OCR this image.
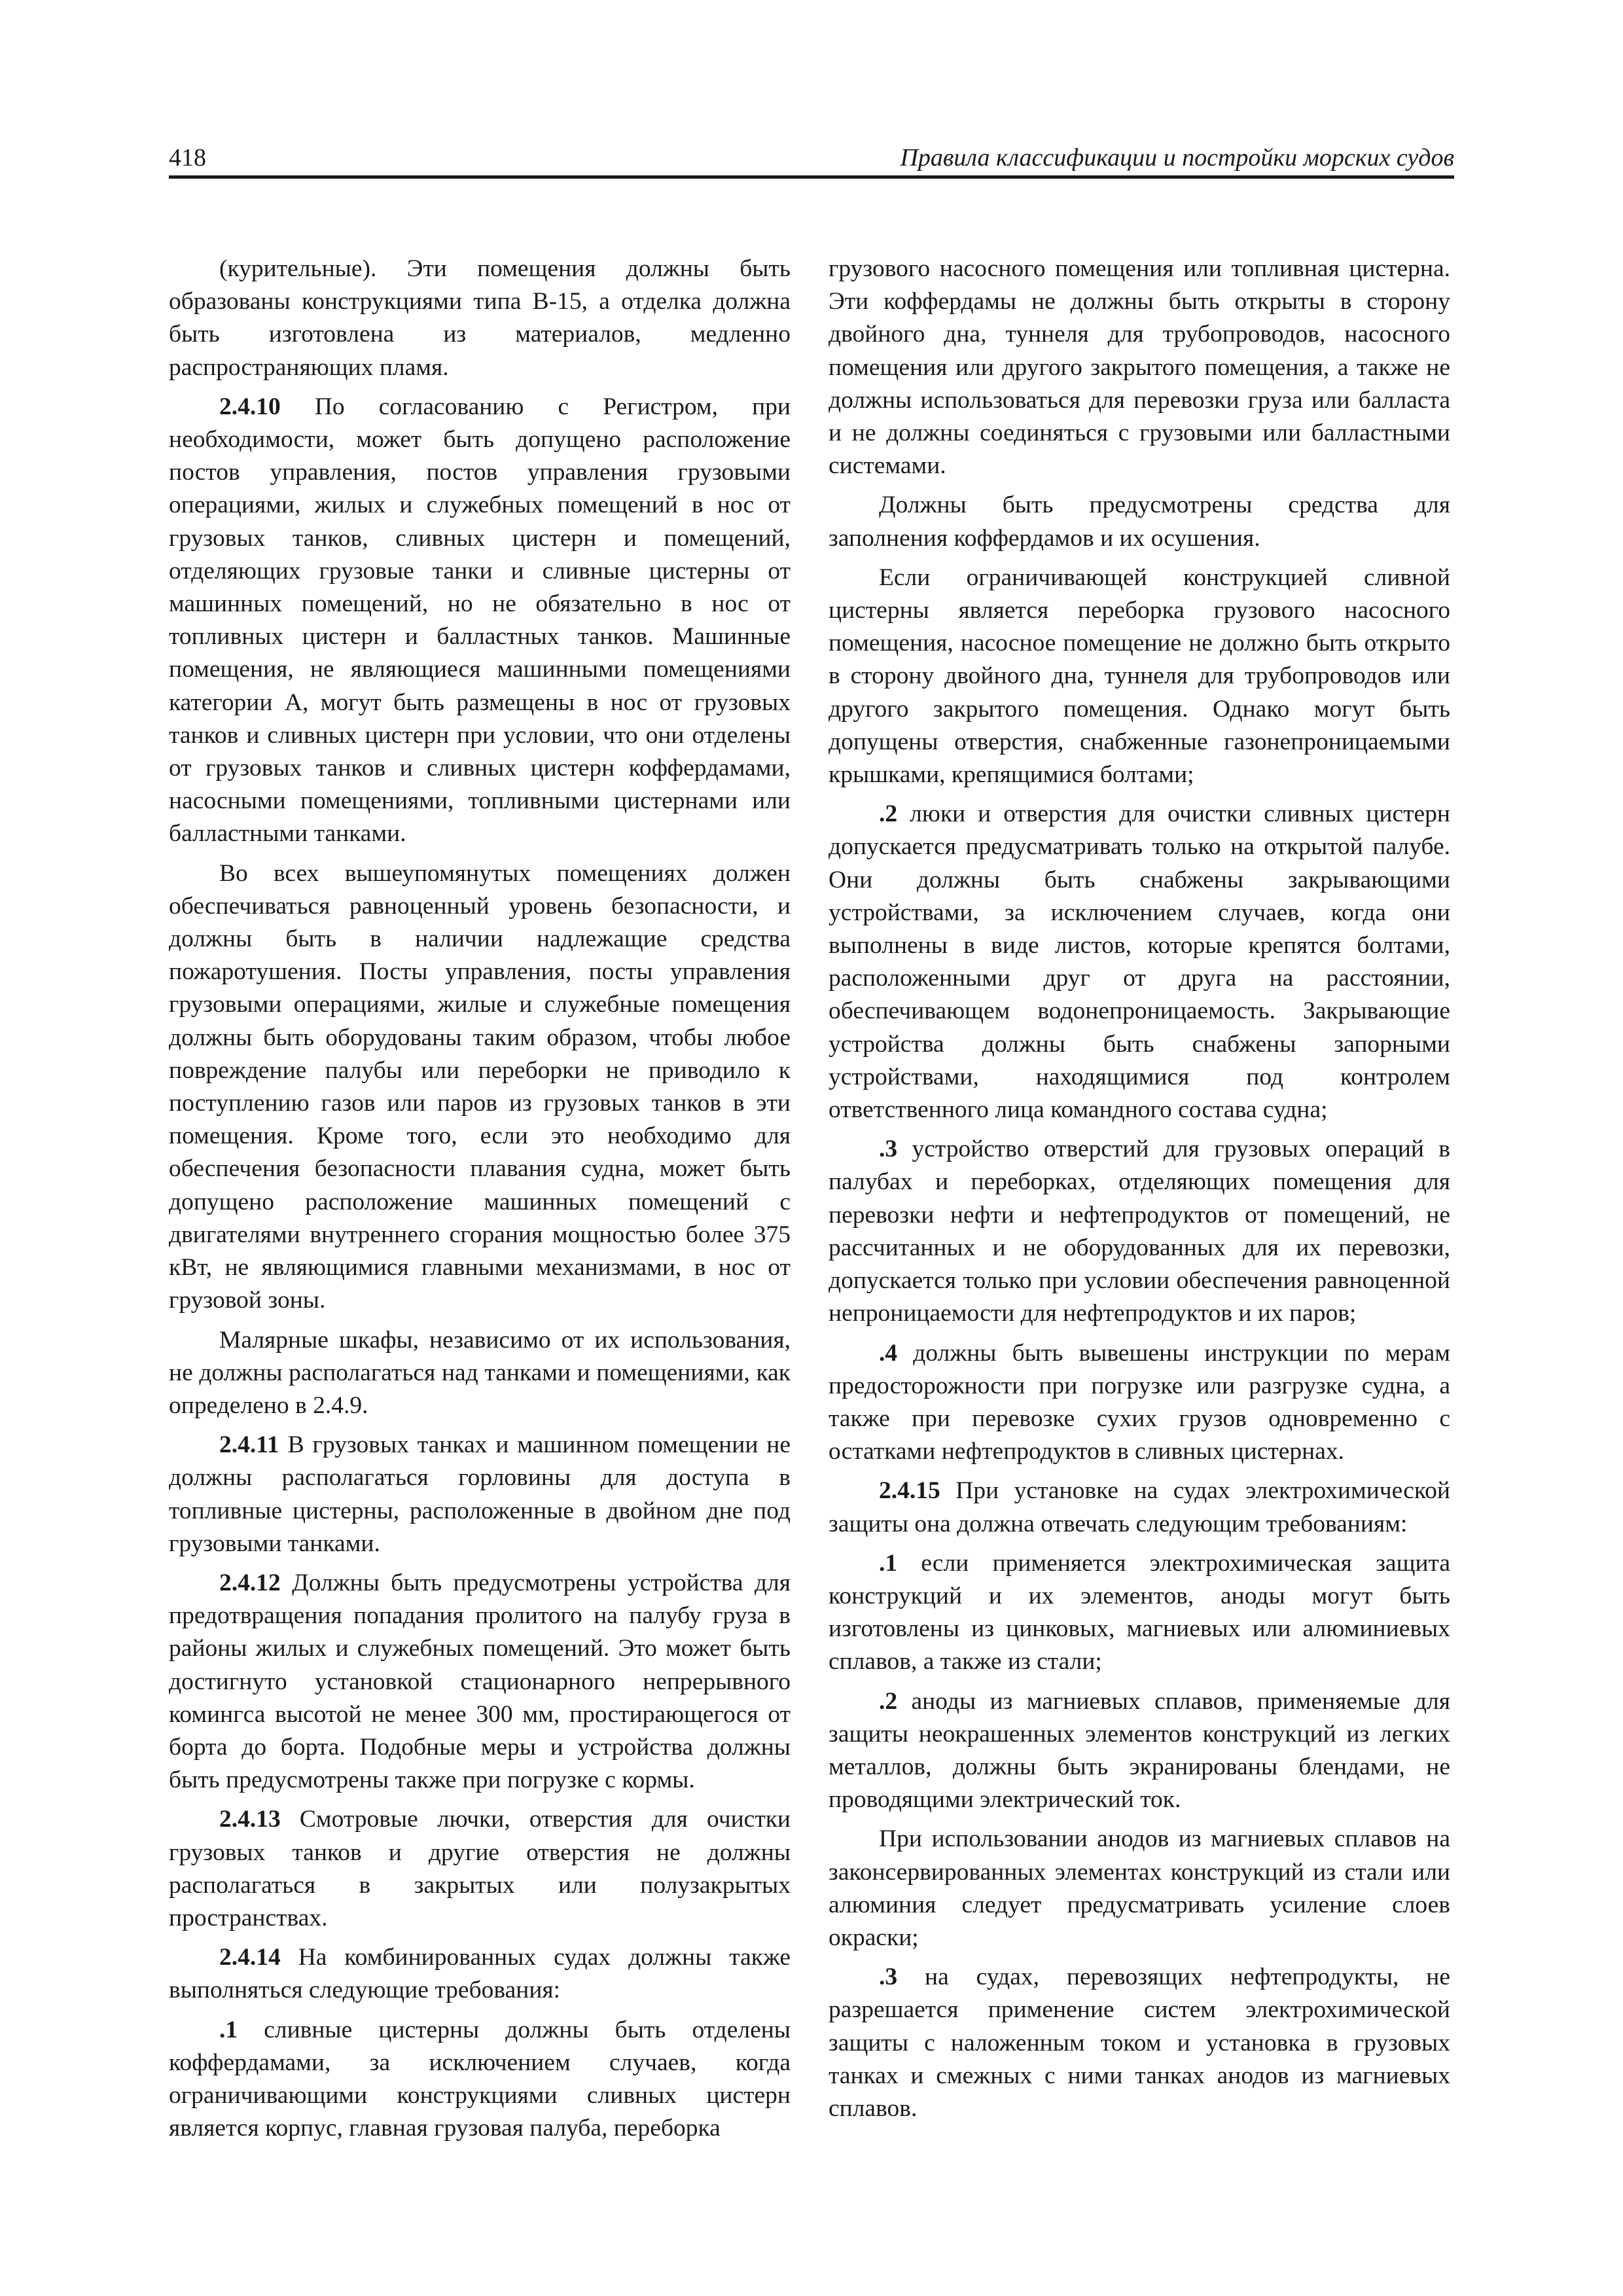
418	Правила классификации и постройки морских судов

(курительные). Эти помещения должны быть образованы конструкциями типа В-15, а отделка должна быть изготовлена из материалов, медленно распространяющих пламя.

2.4.10 По согласованию с Регистром, при необходимости, может быть допущено расположение постов управления, постов управления грузовыми операциями, жилых и служебных помещений в нос от грузовых танков, сливных цистерн и помещений, отделяющих грузовые танки и сливные цистерны от машинных помещений, но не обязательно в нос от топливных цистерн и балластных танков. Машинные помещения, не являющиеся машинными помещениями категории А, могут быть размещены в нос от грузовых танков и сливных цистерн при условии, что они отделены от грузовых танков и сливных цистерн коффердамами, насосными помещениями, топливными цистернами или балластными танками.

Во всех вышеупомянутых помещениях должен обеспечиваться равноценный уровень безопасности, и должны быть в наличии надлежащие средства пожаротушения. Посты управления, посты управления грузовыми операциями, жилые и служебные помещения должны быть оборудованы таким образом, чтобы любое повреждение палубы или переборки не приводило к поступлению газов или паров из грузовых танков в эти помещения. Кроме того, если это необходимо для обеспечения безопасности плавания судна, может быть допущено расположение машинных помещений с двигателями внутреннего сгорания мощностью более 375 кВт, не являющимися главными механизмами, в нос от грузовой зоны.

Малярные шкафы, независимо от их использования, не должны располагаться над танками и помещениями, как определено в 2.4.9.

2.4.11 В грузовых танках и машинном помещении не должны располагаться горловины для доступа в топливные цистерны, расположенные в двойном дне под грузовыми танками.

2.4.12 Должны быть предусмотрены устройства для предотвращения попадания пролитого на палубу груза в районы жилых и служебных помещений. Это может быть достигнуто установкой стационарного непрерывного комингса высотой не менее 300 мм, простирающегося от борта до борта. Подобные меры и устройства должны быть предусмотрены также при погрузке с кормы.

2.4.13 Смотровые лючки, отверстия для очистки грузовых танков и другие отверстия не должны располагаться в закрытых или полузакрытых пространствах.

2.4.14 На комбинированных судах должны также выполняться следующие требования:

.1 сливные цистерны должны быть отделены коффердамами, за исключением случаев, когда ограничивающими конструкциями сливных цистерн является корпус, главная грузовая палуба, переборка

грузового насосного помещения или топливная цистерна. Эти коффердамы не должны быть открыты в сторону двойного дна, туннеля для трубопроводов, насосного помещения или другого закрытого помещения, а также не должны использоваться для перевозки груза или балласта и не должны соединяться с грузовыми или балластными системами.

Должны быть предусмотрены средства для заполнения коффердамов и их осушения.

Если ограничивающей конструкцией сливной цистерны является переборка грузового насосного помещения, насосное помещение не должно быть открыто в сторону двойного дна, туннеля для трубопроводов или другого закрытого помещения. Однако могут быть допущены отверстия, снабженные газонепроницаемыми крышками, крепящимися болтами;

.2 люки и отверстия для очистки сливных цистерн допускается предусматривать только на открытой палубе. Они должны быть снабжены закрывающими устройствами, за исключением случаев, когда они выполнены в виде листов, которые крепятся болтами, расположенными друг от друга на расстоянии, обеспечивающем водонепроницаемость. Закрывающие устройства должны быть снабжены запорными устройствами, находящимися под контролем ответственного лица командного состава судна;

.3 устройство отверстий для грузовых операций в палубах и переборках, отделяющих помещения для перевозки нефти и нефтепродуктов от помещений, не рассчитанных и не оборудованных для их перевозки, допускается только при условии обеспечения равноценной непроницаемости для нефтепродуктов и их паров;

.4 должны быть вывешены инструкции по мерам предосторожности при погрузке или разгрузке судна, а также при перевозке сухих грузов одновременно с остатками нефтепродуктов в сливных цистернах.

2.4.15 При установке на судах электрохимической защиты она должна отвечать следующим требованиям:

.1 если применяется электрохимическая защита конструкций и их элементов, аноды могут быть изготовлены из цинковых, магниевых или алюминиевых сплавов, а также из стали;

.2 аноды из магниевых сплавов, применяемые для защиты неокрашенных элементов конструкций из легких металлов, должны быть экранированы блендами, не проводящими электрический ток.

При использовании анодов из магниевых сплавов на законсервированных элементах конструкций из стали или алюминия следует предусматривать усиление слоев окраски;

.3 на судах, перевозящих нефтепродукты, не разрешается применение систем электрохимической защиты с наложенным током и установка в грузовых танках и смежных с ними танках анодов из магниевых сплавов.
